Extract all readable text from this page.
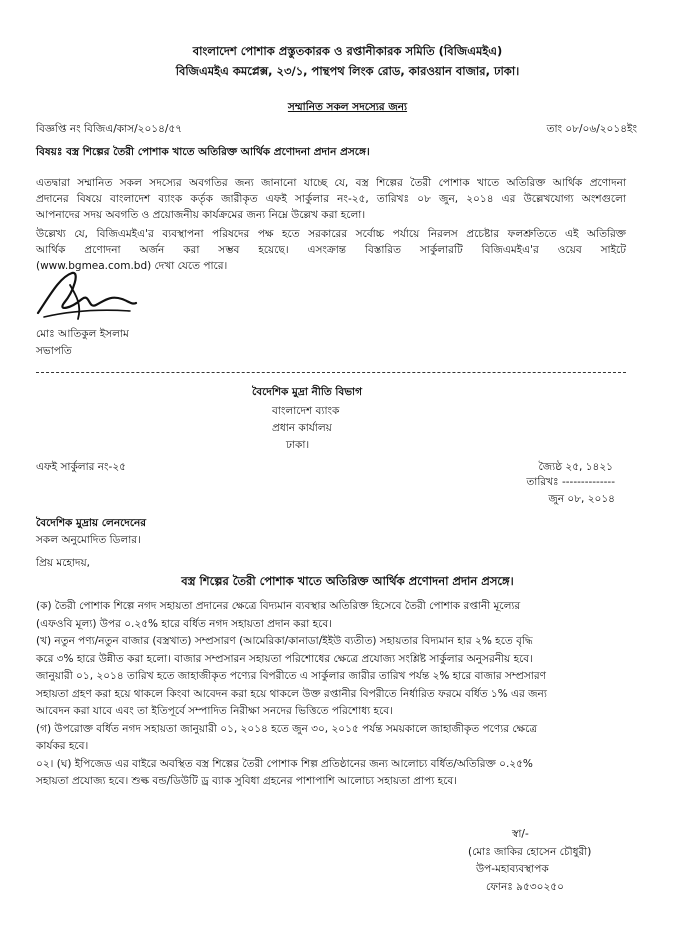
বাংলাদেশ পোশাক প্রস্তুতকারক ও রপ্তানীকারক সমিতি (বিজিএমইএ)
বিজিএমইএ কমপ্লেক্স, ২৩/১, পান্থপথ লিংক রোড, কারওয়ান বাজার, ঢাকা।
সম্মানিত সকল সদস্যের জন্য
বিজ্ঞপ্তি নং বিজিএ/কাস/২০১৪/৫৭	তাং ০৮/০৬/২০১৪ইং
বিষয়ঃ বস্ত্র শিল্পের তৈরী পোশাক খাতে অতিরিক্ত আর্থিক প্রণোদনা প্রদান প্রসঙ্গে।
এতদ্বারা সম্মানিত সকল সদস্যের অবগতির জন্য জানানো যাচ্ছে যে, বস্ত্র শিল্পের তৈরী পোশাক খাতে অতিরিক্ত আর্থিক প্রণোদনা
প্রদানের বিষয়ে বাংলাদেশ ব্যাংক কর্তৃক জারীকৃত এফই সার্কুলার নং-২৫, তারিখঃ ০৮ জুন, ২০১৪ এর উল্লেখযোগ্য অংশগুলো
আপনাদের সদয় অবগতি ও প্রয়োজনীয় কার্যক্রমের জন্য নিম্নে উল্লেখ করা হলো।
উল্লেখ্য যে, বিজিএমইএ'র ব্যবস্থাপনা পরিষদের পক্ষ হতে সরকারের সর্বোচ্চ পর্যায়ে নিরলস প্রচেষ্টার ফলশ্রুতিতে এই অতিরিক্ত
আর্থিক প্রণোদনা অর্জন করা সম্ভব হয়েছে। এসংক্রান্ত বিস্তারিত সার্কুলারটি বিজিএমইএ'র ওয়েব সাইটে
(www.bgmea.com.bd) দেখা যেতে পারে।
মোঃ আতিকুল ইসলাম
সভাপতি
বৈদেশিক মুদ্রা নীতি বিভাগ
বাংলাদেশ ব্যাংক
প্রধান কার্যালয়
ঢাকা।
এফই সার্কুলার নং-২৫	জ্যৈষ্ঠ ২৫, ১৪২১
তারিখঃ --------------
জুন ০৮, ২০১৪
বৈদেশিক মুদ্রায় লেনদেনের
সকল অনুমোদিত ডিলার।
প্রিয় মহোদয়,
বস্ত্র শিল্পের তৈরী পোশাক খাতে অতিরিক্ত আর্থিক প্রণোদনা প্রদান প্রসঙ্গে।
(ক) তৈরী পোশাক শিল্পে নগদ সহায়তা প্রদানের ক্ষেত্রে বিদ্যমান ব্যবস্থার অতিরিক্ত হিসেবে তৈরী পোশাক রপ্তানী মূল্যের
(এফওবি মূল্য) উপর ০.২৫% হারে বর্ধিত নগদ সহায়তা প্রদান করা হবে।
(খ) নতুন পণ্য/নতুন বাজার (বস্ত্রখাত) সম্প্রসারণ (আমেরিকা/কানাডা/ইইউ ব্যতীত) সহায়তার বিদ্যমান হার ২% হতে বৃদ্ধি
করে ৩% হারে উন্নীত করা হলো। বাজার সম্প্রসারন সহায়তা পরিশোধের ক্ষেত্রে প্রযোজ্য সংশ্লিষ্ট সার্কুলার অনুসরনীয় হবে।
জানুয়ারী ০১, ২০১৪ তারিখ হতে জাহাজীকৃত পণ্যের বিপরীতে এ সার্কুলার জারীর তারিখ পর্যন্ত ২% হারে বাজার সম্প্রসারণ
সহায়তা গ্রহণ করা হয়ে থাকলে কিংবা আবেদন করা হয়ে থাকলে উক্ত রপ্তানীর বিপরীতে নির্ধারিত ফরমে বর্ধিত ১% এর জন্য
আবেদন করা যাবে এবং তা ইতিপূর্বে সম্পাদিত নিরীক্ষা সনদের ভিত্তিতে পরিশোধ্য হবে।
(গ) উপরোক্ত বর্ধিত নগদ সহায়তা জানুয়ারী ০১, ২০১৪ হতে জুন ৩০, ২০১৫ পর্যন্ত সময়কালে জাহাজীকৃত পণ্যের ক্ষেত্রে
কার্যকর হবে।
০২। (ঘ) ইপিজেড এর বাইরে অবস্থিত বস্ত্র শিল্পের তৈরী পোশাক শিল্প প্রতিষ্ঠানের জন্য আলোচ্য বর্ধিত/অতিরিক্ত ০.২৫%
সহায়তা প্রযোজ্য হবে। শুল্ক বন্ড/ডিউটি ড্র ব্যাক সুবিধা গ্রহনের পাশাপাশি আলোচ্য সহায়তা প্রাপ্য হবে।
স্বা/-
(মোঃ জাকির হোসেন চৌধুরী)
উপ-মহাব্যবস্থাপক
ফোনঃ ৯৫৩০২৫০
